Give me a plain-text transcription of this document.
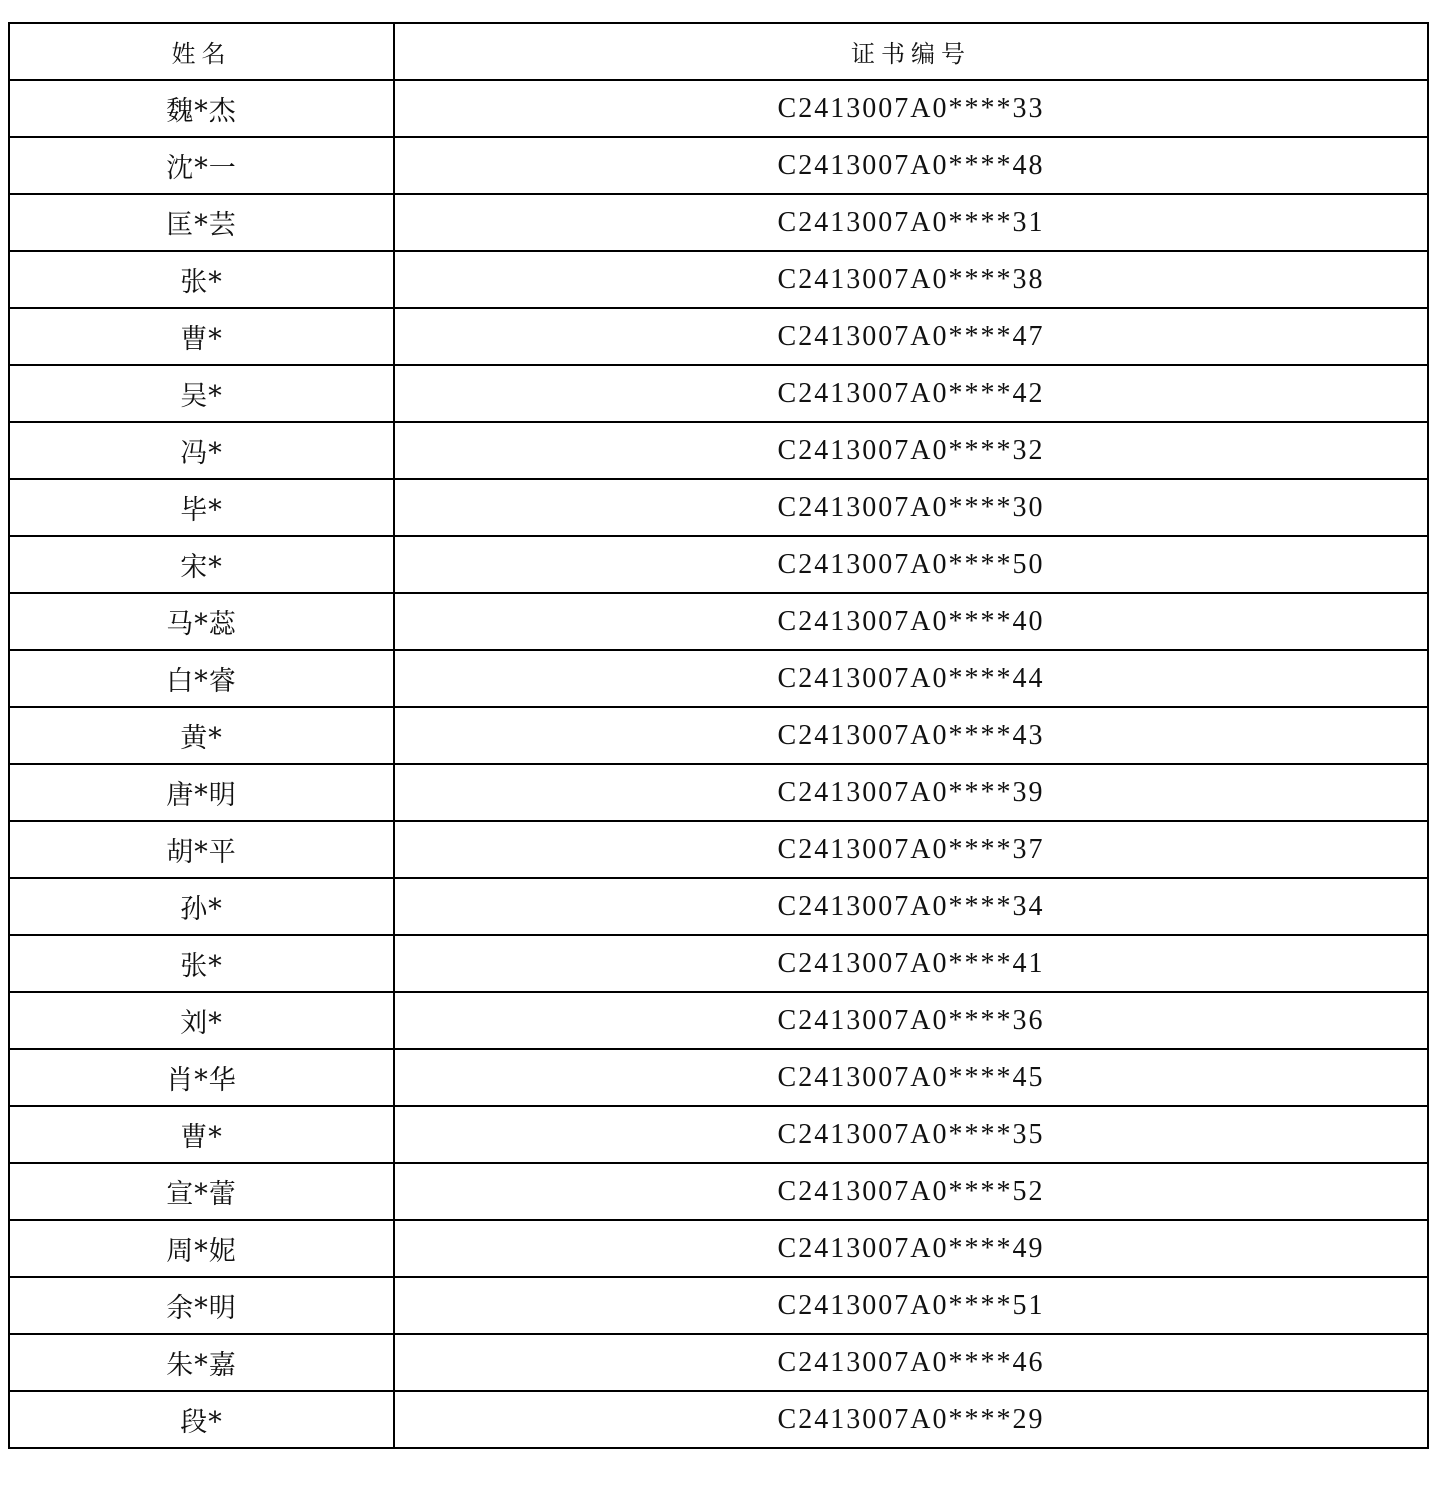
姓名	证书编号
魏*杰	C2413007A0****33
沈*一	C2413007A0****48
匡*芸	C2413007A0****31
张*	C2413007A0****38
曹*	C2413007A0****47
吴*	C2413007A0****42
冯*	C2413007A0****32
毕*	C2413007A0****30
宋*	C2413007A0****50
马*蕊	C2413007A0****40
白*睿	C2413007A0****44
黄*	C2413007A0****43
唐*明	C2413007A0****39
胡*平	C2413007A0****37
孙*	C2413007A0****34
张*	C2413007A0****41
刘*	C2413007A0****36
肖*华	C2413007A0****45
曹*	C2413007A0****35
宣*蕾	C2413007A0****52
周*妮	C2413007A0****49
余*明	C2413007A0****51
朱*嘉	C2413007A0****46
段*	C2413007A0****29
